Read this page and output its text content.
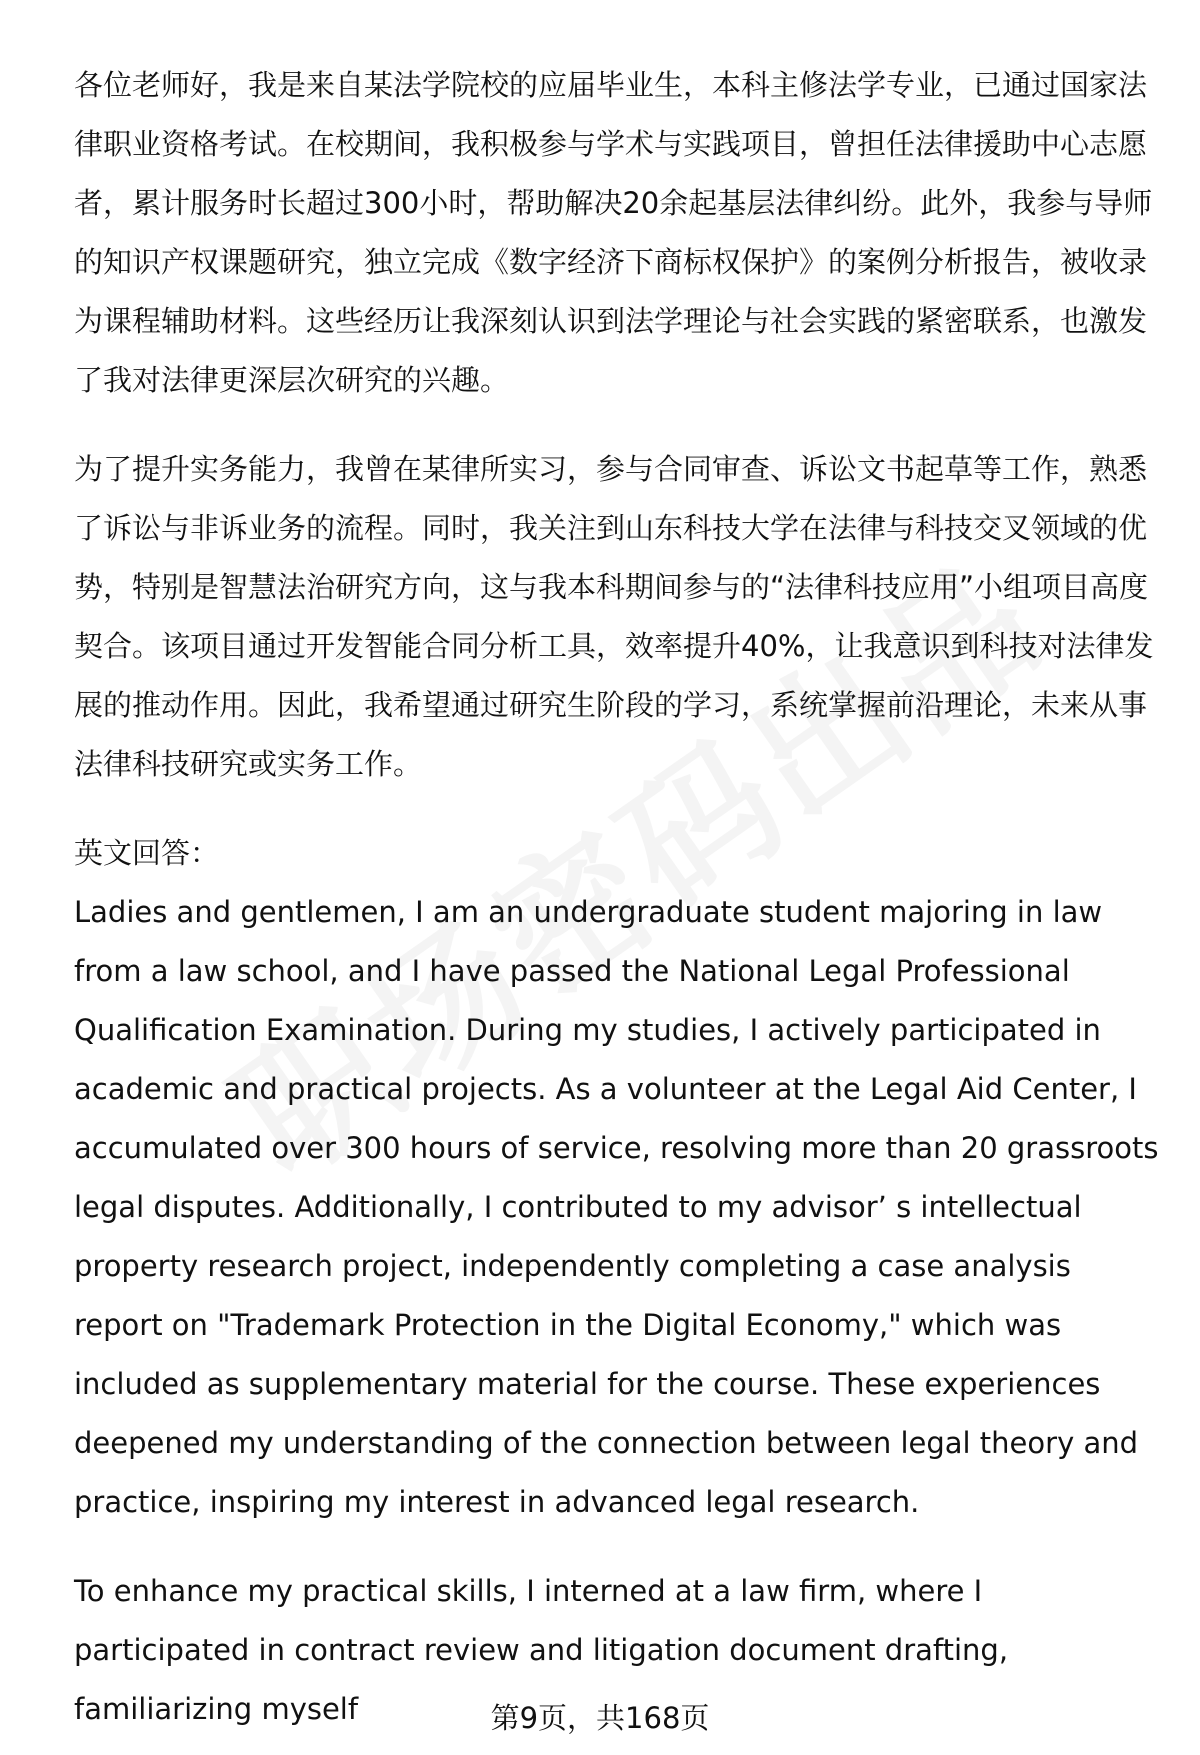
各位老师好，我是来自某法学院校的应届毕业生，本科主修法学专业，已通过国家法律职业资格考试。在校期间，我积极参与学术与实践项目，曾担任法律援助中心志愿者，累计服务时长超过300小时，帮助解决20余起基层法律纠纷。此外，我参与导师的知识产权课题研究，独立完成《数字经济下商标权保护》的案例分析报告，被收录为课程辅助材料。这些经历让我深刻认识到法学理论与社会实践的紧密联系，也激发了我对法律更深层次研究的兴趣。

为了提升实务能力，我曾在某律所实习，参与合同审查、诉讼文书起草等工作，熟悉了诉讼与非诉业务的流程。同时，我关注到山东科技大学在法律与科技交叉领域的优势，特别是智慧法治研究方向，这与我本科期间参与的“法律科技应用”小组项目高度契合。该项目通过开发智能合同分析工具，效率提升40%，让我意识到科技对法律发展的推动作用。因此，我希望通过研究生阶段的学习，系统掌握前沿理论，未来从事法律科技研究或实务工作。

英文回答：

Ladies and gentlemen, I am an undergraduate student majoring in law from a law school, and I have passed the National Legal Professional Qualification Examination. During my studies, I actively participated in academic and practical projects. As a volunteer at the Legal Aid Center, I accumulated over 300 hours of service, resolving more than 20 grassroots legal disputes. Additionally, I contributed to my advisor’ s intellectual property research project, independently completing a case analysis report on "Trademark Protection in the Digital Economy," which was included as supplementary material for the course. These experiences deepened my understanding of the connection between legal theory and practice, inspiring my interest in advanced legal research.

To enhance my practical skills, I interned at a law firm, where I participated in contract review and litigation document drafting, familiarizing myself	第9页，共168页
